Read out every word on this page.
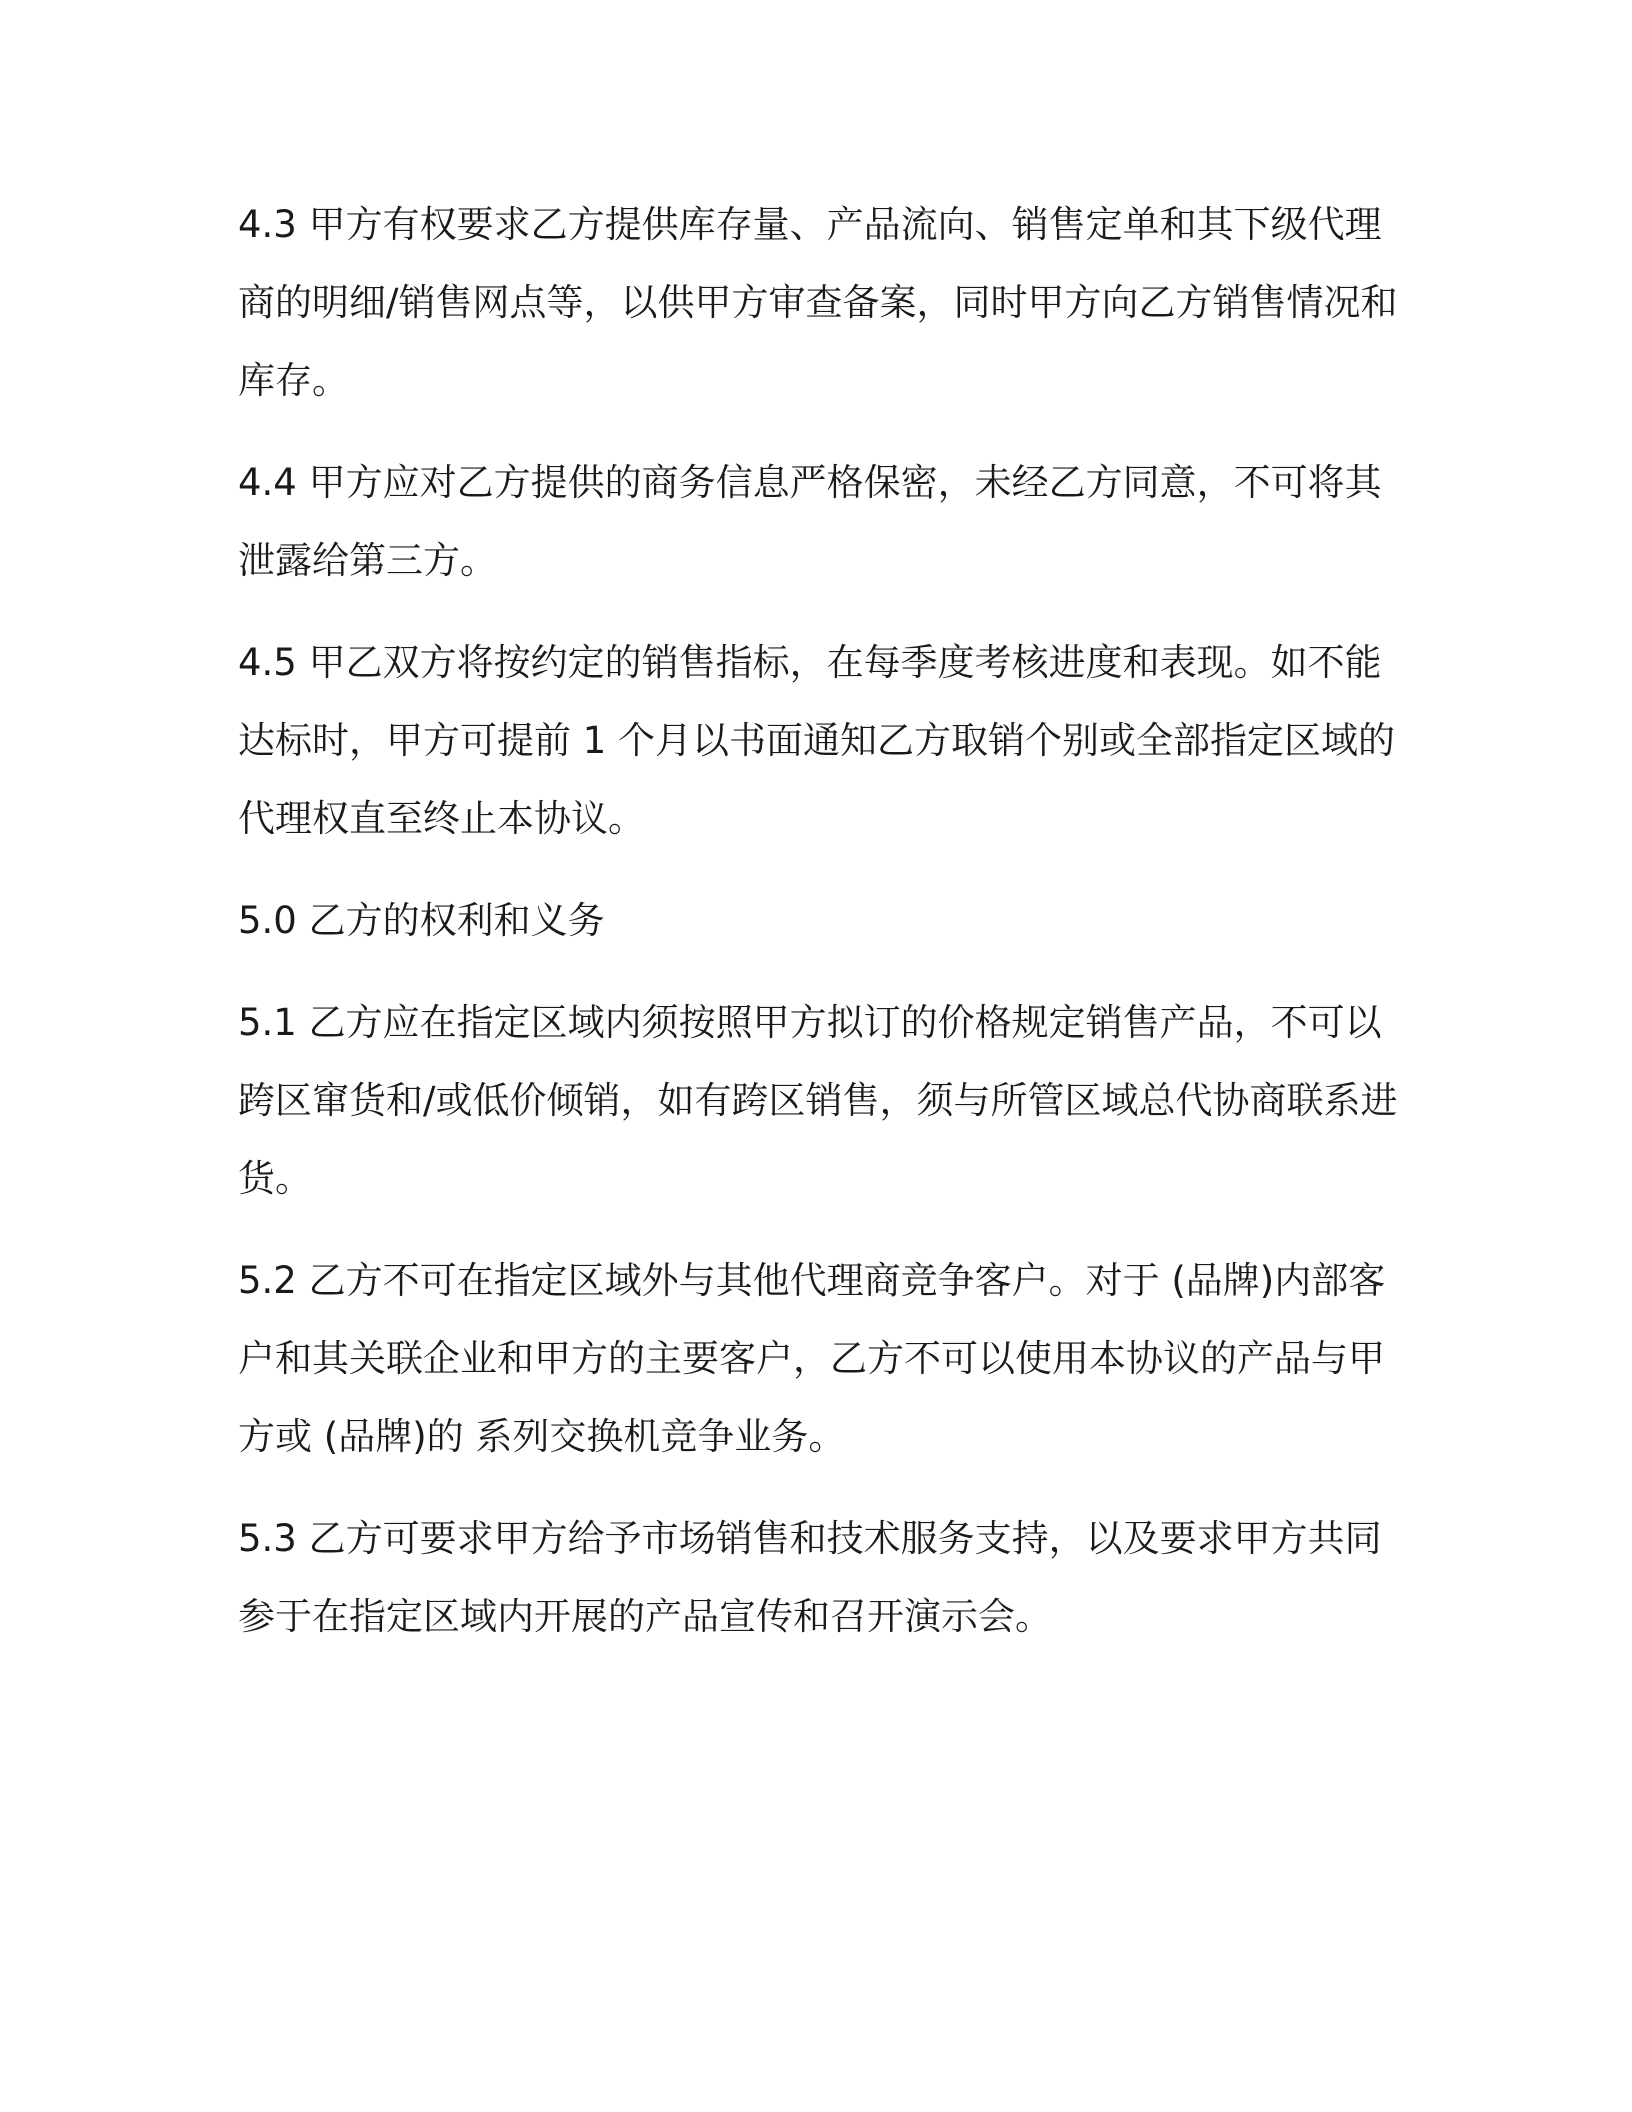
4.3 甲方有权要求乙方提供库存量、产品流向、销售定单和其下级代理商的明细/销售网点等，以供甲方审查备案，同时甲方向乙方销售情况和库存。

4.4 甲方应对乙方提供的商务信息严格保密，未经乙方同意，不可将其泄露给第三方。

4.5 甲乙双方将按约定的销售指标，在每季度考核进度和表现。如不能达标时，甲方可提前 1 个月以书面通知乙方取销个别或全部指定区域的代理权直至终止本协议。

5.0 乙方的权利和义务

5.1 乙方应在指定区域内须按照甲方拟订的价格规定销售产品，不可以跨区窜货和/或低价倾销，如有跨区销售，须与所管区域总代协商联系进货。

5.2 乙方不可在指定区域外与其他代理商竞争客户。对于 (品牌)内部客户和其关联企业和甲方的主要客户，乙方不可以使用本协议的产品与甲方或 (品牌)的 系列交换机竞争业务。

5.3 乙方可要求甲方给予市场销售和技术服务支持，以及要求甲方共同参于在指定区域内开展的产品宣传和召开演示会。
